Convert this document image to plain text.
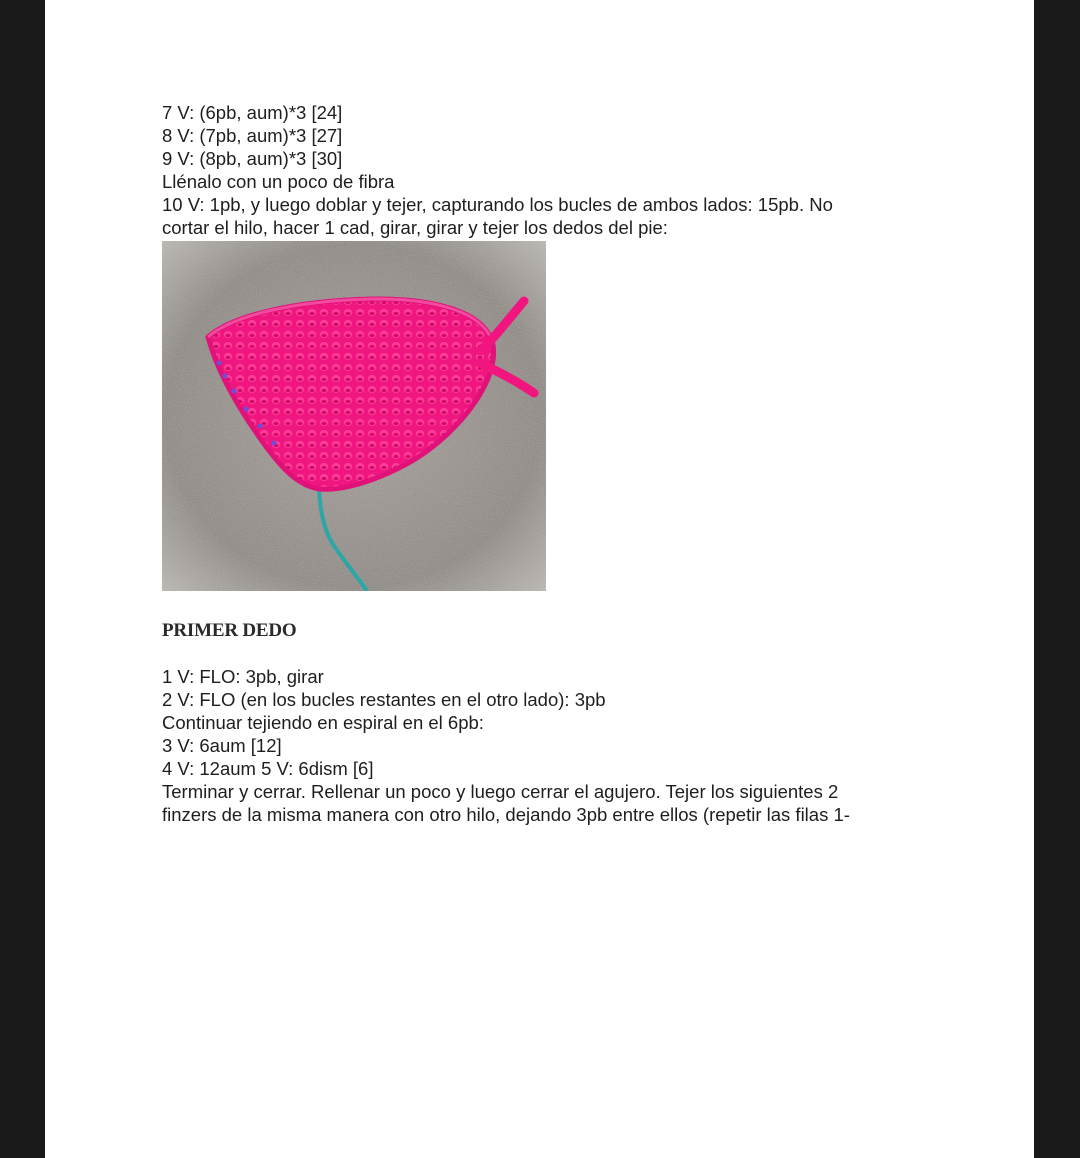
7 V: (6pb, aum)*3 [24]
8 V: (7pb, aum)*3 [27]
9 V: (8pb, aum)*3 [30]
Llénalo con un poco de fibra
10 V: 1pb, y luego doblar y tejer, capturando los bucles de ambos lados: 15pb. No
cortar el hilo, hacer 1 cad, girar, girar y tejer los dedos del pie:
PRIMER DEDO
1 V: FLO: 3pb, girar
2 V: FLO (en los bucles restantes en el otro lado): 3pb
Continuar tejiendo en espiral en el 6pb:
3 V: 6aum [12]
4 V: 12aum 5 V: 6dism [6]
Terminar y cerrar. Rellenar un poco y luego cerrar el agujero. Tejer los siguientes 2
finzers de la misma manera con otro hilo, dejando 3pb entre ellos (repetir las filas 1-
